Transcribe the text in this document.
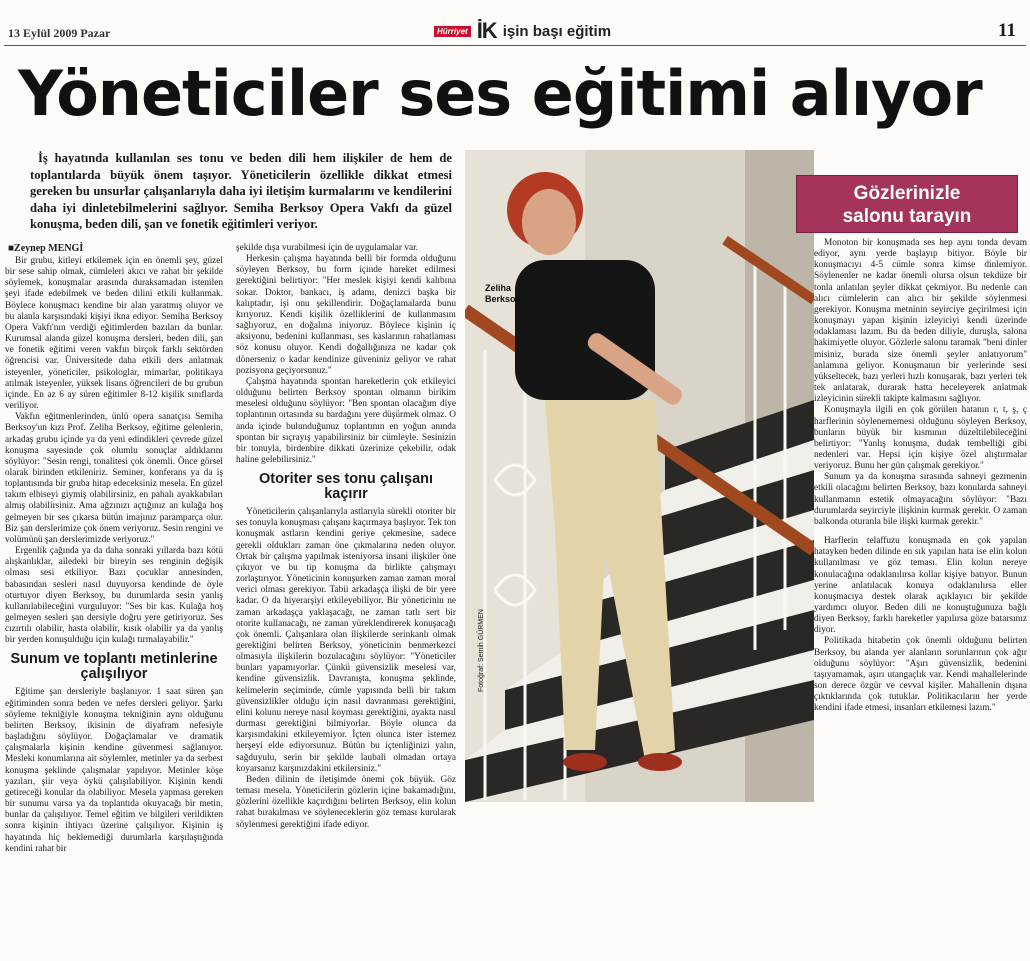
13 Eylül 2009 Pazar	Hürriyet İK işin başı eğitim	11
Yöneticiler ses eğitimi alıyor
İş hayatında kullanılan ses tonu ve beden dili hem ilişkiler de hem de toplantılarda büyük önem taşıyor. Yöneticilerin özellikle dikkat etmesi gereken bu unsurlar çalışanlarıyla daha iyi iletişim kurmalarını ve kendilerini daha iyi dinletebilmelerini sağlıyor. Semiha Berksoy Opera Vakfı da güzel konuşma, beden dili, şan ve fonetik eğitimleri veriyor.
■ Zeynep MENGİ

Bir grubu, kitleyi etkilemek için en önemli şey, güzel bir sese sahip olmak, cümleleri akıcı ve rahat bir şekilde söylemek, konuşmalar arasında duraksamadan istenilen şeyi ifade edebilmek ve beden dilini etkili kullanmak. Böylece konuşmacı kendine bir alan yaratmış oluyor ve bu alanla karşısındaki kişiyi ikna ediyor. Semiha Berksoy Opera Vakfı'nın verdiği eğitimlerden bazıları da bunlar. Kurumsal alanda güzel konuşma dersleri, beden dili, şan ve fonetik eğitimi veren vakfın birçok farklı sektörden öğrencisi var. Üniversitede daha etkili ders anlatmak isteyenler, yöneticiler, psikologlar, mimarlar, politikaya atılmak isteyenler, yüksek lisans öğrencileri de bu grubun içinde. En az 6 ay süren eğitimler 8-12 kişilik sınıflarda veriliyor.

Vakfın eğitmenlerinden, ünlü opera sanatçısı Semiha Berksoy'un kızı Prof. Zeliha Berksoy, eğitime gelenlerin, arkadaş grubu içinde ya da yeni edindikleri çevrede güzel konuşma sayesinde çok olumlu sonuçlar aldıklarını söylüyor: "Sesin rengi, tonalitesi çok önemli. Önce görsel olarak birinden etkileniriz. Seminer, konferans ya da iş toplantısında bir gruba hitap edeceksiniz mesela. En güzel takım elbiseyi giymiş olabilirsiniz, en pahalı ayakkabıları almış olabilirsiniz. Ama ağzınızı açtığınız an kulağa hoş gelmeyen bir ses çıkarsa bütün imajınız paramparça olur. Biz şan derslerimize çok önem veriyoruz. Sesin rengini ve volümünü şan derslerimizde veriyoruz."

Ergenlik çağında ya da daha sonraki yıllarda bazı kötü alışkanlıklar, ailedeki bir bireyin ses renginin değişik olması sesi etkiliyor. Bazı çocuklar annesinden, babasından sesleri nasıl duyuyorsa kendinde de öyle oturtuyor diyen Berksoy, bu durumlarda sesin yanlış kullanılabileceğini vurguluyor: "Ses bir kas. Kulağa hoş gelmeyen sesleri şan dersiyle doğru yere getiriyoruz. Ses cızırtılı olabilir, hasta olabilir, kısık olabilir ya da yanlış bir yerden konuşulduğu için kulağı tırmalayabilir."

Sunum ve toplantı metinlerine çalışılıyor

Eğitime şan dersleriyle başlanıyor. 1 saat süren şan eğitiminden sonra beden ve nefes dersleri geliyor. Şarkı söyleme tekniğiyle konuşma tekniğinin aynı olduğunu belirten Berksoy, ikisinin de diyafram nefesiyle başladığını söylüyor. Doğaçlamalar ve dramatik çalışmalarla kişinin kendine güvenmesi sağlanıyor. Mesleki konumlarına ait söylemler, metinler ya da serbest konuşma şeklinde çalışmalar yapılıyor. Metinler köşe yazıları, şiir veya öykü çalışılabiliyor. Kişinin kendi getireceği konular da olabiliyor. Mesela yapması gereken bir sunumu varsa ya da toplantıda okuyacağı bir metin, bunlar da çalışılıyor. Temel eğitim ve bilgileri verildikten sonra kişinin ihtiyacı üzerine çalışılıyor. Kişinin iş hayatında hiç beklemediği durumlarla karşılaştığında kendini rahat bir

şekilde dışa vurabilmesi için de uygulamalar var.

Herkesin çalışma hayatında belli bir formda olduğunu söyleyen Berksoy, bu form içinde hareket edilmesi gerektiğini belirtiyor: "Her meslek kişiyi kendi kalıbına sokar. Doktor, bankacı, iş adamı, denizci başka bir kalıptadır, işi onu şekillendirir. Doğaçlamalarda bunu kırıyoruz. Kendi kişilik özelliklerini de kullanmasını sağlıyoruz, en doğalına iniyoruz. Böylece kişinin iç aksiyonu, bedenini kullanması, ses kaslarının rahatlaması söz konusu oluyor. Kendi doğallığınıza ne kadar çok dönerseniz o kadar kendinize güveniniz geliyor ve rahat pozisyona geçiyorsunuz."

Çalışma hayatında spontan hareketlerin çok etkileyici olduğunu belirten Berksoy spontan olmanın birikim meselesi olduğunu söylüyor: "Ben spontan olacağım diye toplantının ortasında su bardağını yere düşürmek olmaz. O anda içinde bulunduğunuz toplantının en yoğun anında spontan bir sıçrayış yapabilirsiniz bir cümleyle. Sesinizin bir tonuyla, birdenbire dikkati üzerinize çekebilir, odak haline gelebilirsiniz."

Otoriter ses tonu çalışanı kaçırır

Yöneticilerin çalışanlarıyla astlarıyla sürekli otoriter bir ses tonuyla konuşması çalışanı kaçırmaya başlıyor. Tek ton konuşmak astların kendini geriye çekmesine, sadece gerekli oldukları zaman öne çıkmalarına neden oluyor. Ortak bir çalışma yapılmak isteniyorsa insani ilişkiler öne çıkıyor ve bu tip konuşma da birlikte çalışmayı zorlaştırıyor. Yöneticinin konuşurken zaman zaman moral verici olması gerekiyor. Tabii arkadaşça ilişki de bir yere kadar. O da hiyerarşiyi etkileyebiliyor. Bir yöneticinin ne zaman arkadaşça yaklaşacağı, ne zaman tatlı sert bir otorite kullanacağı, ne zaman yüreklendirerek konuşacağı çok önemli. Çalışanlara olan ilişkilerde serinkanlı olmak gerektiğini belirten Berksoy, yöneticinin benmerkezci olmasıyla ilişkilerin bozulacağını söylüyor: "Yöneticiler bunları yapamıyorlar. Çünkü güvensizlik meselesi var, kendine güvensizlik. Davranışta, konuşma şeklinde, kelimelerin seçiminde, cümle yapısında belli bir takım güvensizlikler olduğu için nasıl davranması gerektiğini, elini kolunu nereye nasıl koyması gerektiğini, ayakta nasıl durması gerektiğini bilmiyorlar. Böyle olunca da karşısındakini etkileyemiyor. İçten olunca ister istemez herşeyi elde ediyorsunuz. Bütün bu içtenliğinizi yalın, sağduyulu, serin bir şekilde laubali olmadan ortaya koyarsanız karşınızdakini etkilersiniz."

Beden dilinin de iletişimde önemi çok büyük. Göz teması mesela. Yöneticilerin gözlerin içine bakamadığını, gözlerini özellikle kaçırdığını belirten Berksoy, elin kolun rahat bırakılması ve söyleneceklerin göz teması kurularak söylenmesi gerektiğini ifade ediyor.

Zeliha
Berksoy
Fotoğraf: Semih GÜRMEN
Gözlerinizle
salonu tarayın

Monoton bir konuşmada ses hep aynı tonda devam ediyor, aynı yerde başlayıp bitiyor. Böyle bir konuşmacıyı 4-5 cümle sonra kimse dinlemiyor. Söylenenler ne kadar önemli olursa olsun tekdüze bir tonla anlatılan şeyler dikkat çekmiyor. Bu nedenle can alıcı cümlelerin can alıcı bir şekilde söylenmesi gerekiyor. Konuşma metninin seyirciye geçirilmesi için konuşmayı yapan kişinin izleyiciyi kendi üzerinde odaklaması lazım. Bu da beden diliyle, duruşla, salona hakimiyetle oluyor. Gözlerle salonu taramak "beni dinler misiniz, burada size önemli şeyler anlatıyorum" anlamına geliyor. Konuşmanın bir yerlerinde sesi yükseltecek, bazı yerleri hızlı konuşarak, bazı yerleri tek tek anlatarak, durarak hatta heceleyerek anlatmak izleyicinin sürekli takipte kalmasını sağlıyor.

Konuşmayla ilgili en çok görülen hatanın r, t, ş, ç harflerinin söylenememesi olduğunu söyleyen Berksoy, bunların büyük bir kısmının düzeltilebileceğini belirtiyor: "Yanlış konuşma, dudak tembelliği gibi nedenleri var. Hepsi için kişiye özel alıştırmalar veriyoruz. Bunu her gün çalışmak gerekiyor."

Sunum ya da konuşma sırasında sahneyi gezmenin etkili olacağını belirten Berksoy, bazı konularda sahneyi kullanmanın estetik olmayacağını söylüyor: "Bazı durumlarda seyirciyle ilişkinin kurmak gerekir. O zaman balkonda oturanla bile ilişki kurmak gerekir."

Harflerin telaffuzu konuşmada en çok yapılan hatayken beden dilinde en sık yapılan hata ise elin kolun kullanılması ve göz teması. Elin kolun nereye konulacağına odaklanılırsa kollar kişiye batıyor. Bunun yerine anlatılacak konuya odaklanılırsa eller konuşmacıya destek olarak açıklayıcı bir şekilde yardımcı oluyor. Beden dili ne konuştuğunuza bağlı diyen Berksoy, farklı hareketler yapılırsa göze batarsınız diyor.

Politikada hitabetin çok önemli olduğunu belirten Berksoy, bu alanda yer alanların sorunlarının çok ağır olduğunu söylüyor: "Aşırı güvensizlik, bedenini taşıyamamak, aşırı utangaçlık var. Kendi mahallelerinde son derece özgür ve cevval kişiler. Mahallenin dışına çıktıklarında çok tutuklar. Politikacıların her yerde kendini ifade etmesi, insanları etkilemesi lazım."
